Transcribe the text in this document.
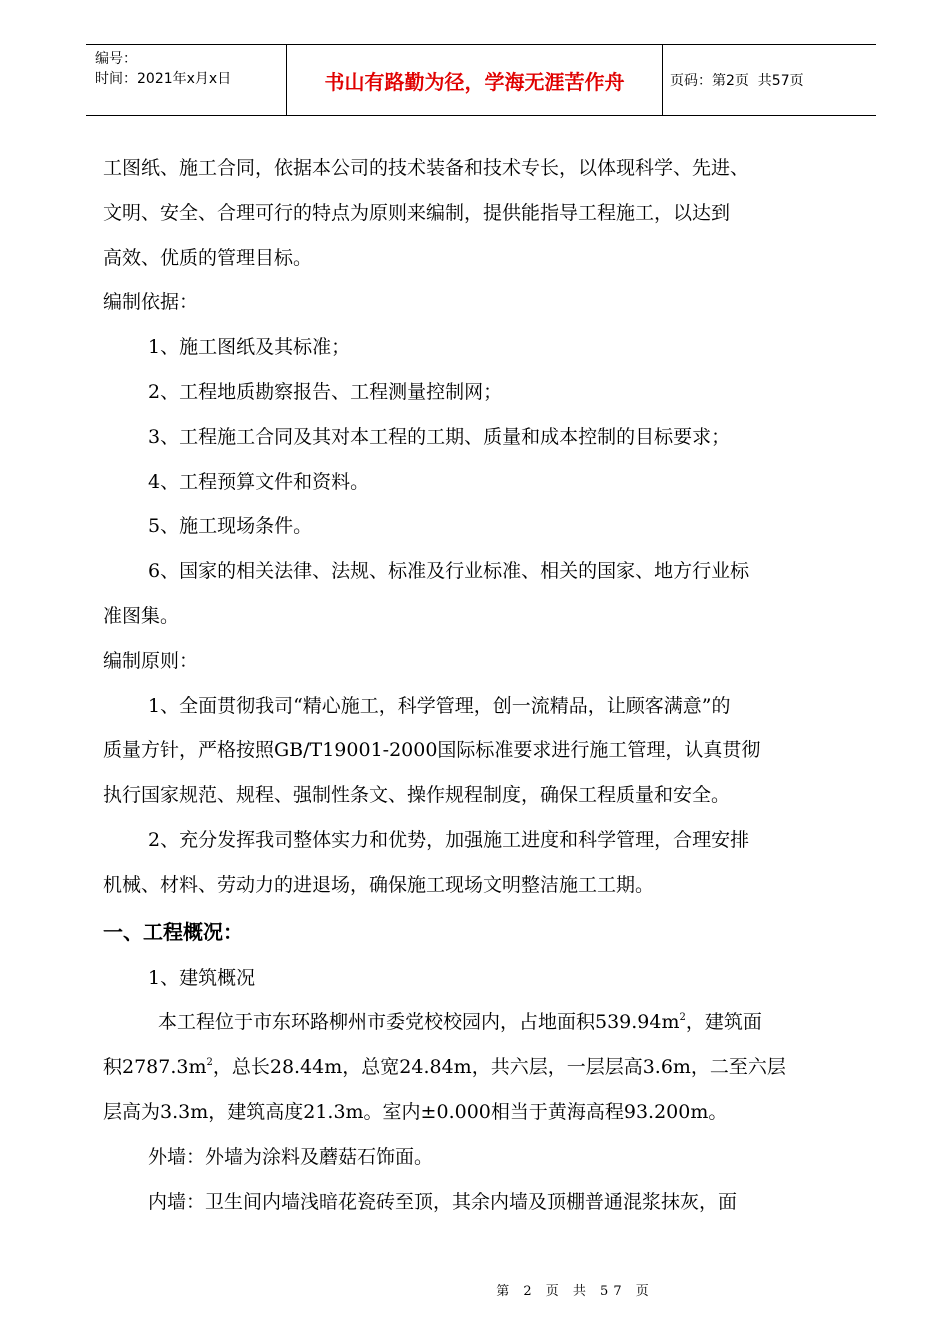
编号：
时间：2021年x月x日	书山有路勤为径，学海无涯苦作舟	页码：第2页  共57页

工图纸、施工合同，依据本公司的技术装备和技术专长，以体现科学、先进、

文明、安全、合理可行的特点为原则来编制，提供能指导工程施工，以达到

高效、优质的管理目标。

编制依据：

1、施工图纸及其标准；

2、工程地质勘察报告、工程测量控制网；

3、工程施工合同及其对本工程的工期、质量和成本控制的目标要求；

4、工程预算文件和资料。

5、施工现场条件。

6、国家的相关法律、法规、标准及行业标准、相关的国家、地方行业标

准图集。

编制原则：

1、全面贯彻我司“精心施工，科学管理，创一流精品，让顾客满意”的

质量方针，严格按照GB/T19001-2000国际标准要求进行施工管理，认真贯彻

执行国家规范、规程、强制性条文、操作规程制度，确保工程质量和安全。

2、充分发挥我司整体实力和优势，加强施工进度和科学管理，合理安排

机械、材料、劳动力的进退场，确保施工现场文明整洁施工工期。

一、工程概况：

1、建筑概况

本工程位于市东环路柳州市委党校校园内，占地面积$539.94m^2$，建筑面

积$2787.3m^2$，总长28.44m，总宽24.84m，共六层，一层层高3.6m，二至六层

层高为3.3m，建筑高度21.3m。室内±0.000相当于黄海高程93.200m。

外墙：外墙为涂料及蘑菇石饰面。

内墙：卫生间内墙浅暗花瓷砖至顶，其余内墙及顶棚普通混浆抹灰，面

第 2 页 共 57 页
